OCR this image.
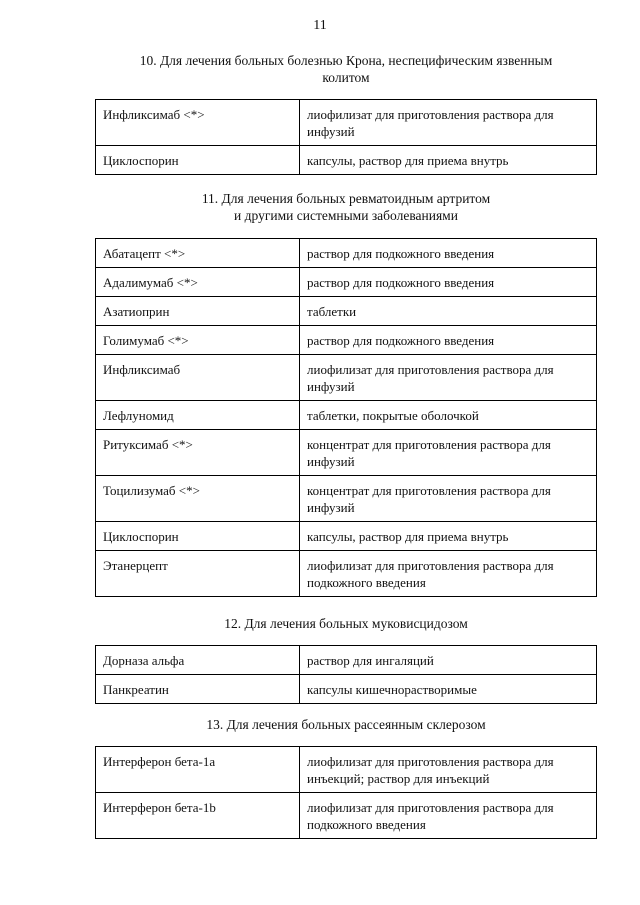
11
10. Для лечения больных болезнью Крона, неспецифическим язвенным
колитом
Инфликсимаб <*>	лиофилизат для приготовления раствора для инфузий
Циклоспорин	капсулы, раствор для приема внутрь
11. Для лечения больных ревматоидным артритом
и другими системными заболеваниями
Абатацепт <*>	раствор для подкожного введения
Адалимумаб <*>	раствор для подкожного введения
Азатиоприн	таблетки
Голимумаб <*>	раствор для подкожного введения
Инфликсимаб	лиофилизат для приготовления раствора для инфузий
Лефлуномид	таблетки, покрытые оболочкой
Ритуксимаб <*>	концентрат для приготовления раствора для инфузий
Тоцилизумаб <*>	концентрат для приготовления раствора для инфузий
Циклоспорин	капсулы, раствор для приема внутрь
Этанерцепт	лиофилизат для приготовления раствора для подкожного введения
12. Для лечения больных муковисцидозом
Дорназа альфа	раствор для ингаляций
Панкреатин	капсулы кишечнорастворимые
13. Для лечения больных рассеянным склерозом
Интерферон бета-1a	лиофилизат для приготовления раствора для инъекций; раствор для инъекций
Интерферон бета-1b	лиофилизат для приготовления раствора для подкожного введения
